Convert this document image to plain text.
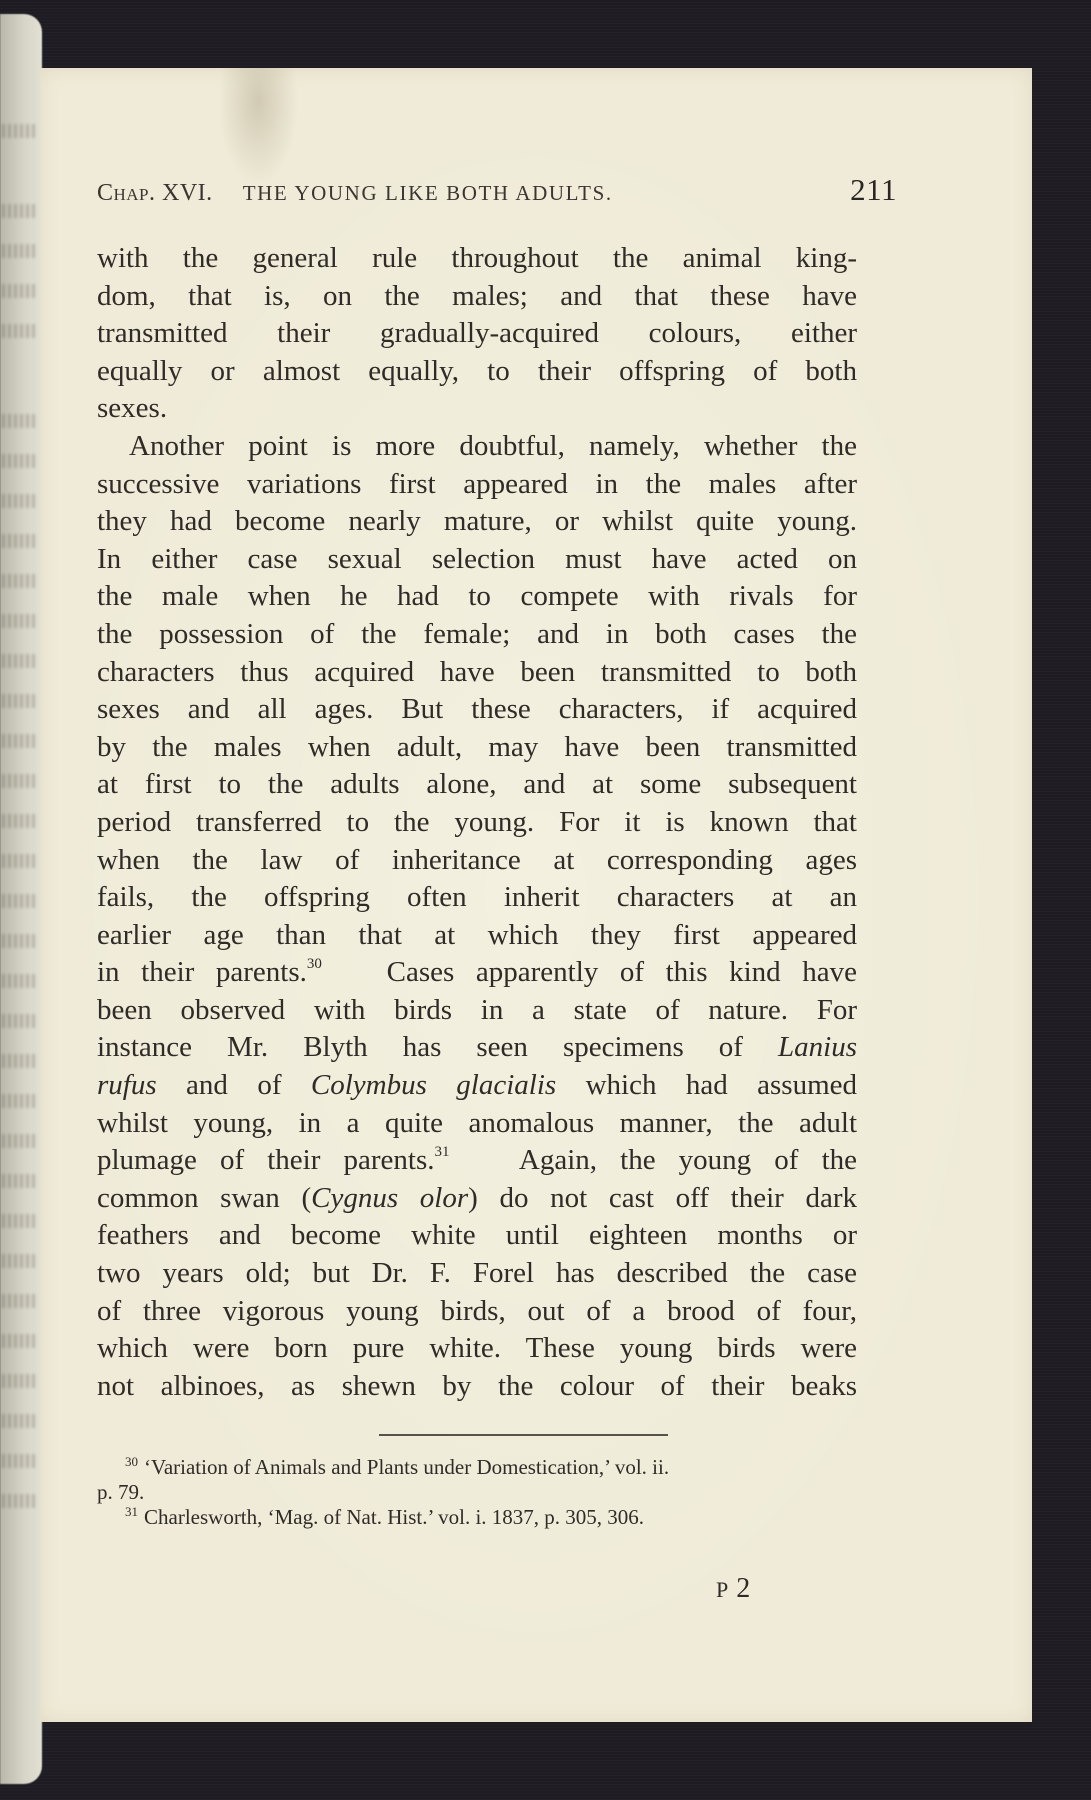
Chap. XVI. THE YOUNG LIKE BOTH ADULTS.	211
with the general rule throughout the animal king-
dom, that is, on the males; and that these have
transmitted their gradually-acquired colours, either
equally or almost equally, to their offspring of both
sexes.
Another point is more doubtful, namely, whether the
successive variations first appeared in the males after
they had become nearly mature, or whilst quite young.
In either case sexual selection must have acted on
the male when he had to compete with rivals for
the possession of the female; and in both cases the
characters thus acquired have been transmitted to both
sexes and all ages. But these characters, if acquired
by the males when adult, may have been transmitted
at first to the adults alone, and at some subsequent
period transferred to the young. For it is known that
when the law of inheritance at corresponding ages
fails, the offspring often inherit characters at an
earlier age than that at which they first appeared
in their parents.$^{30}$ Cases apparently of this kind have
been observed with birds in a state of nature. For
instance Mr. Blyth has seen specimens of Lanius
rufus and of Colymbus glacialis which had assumed
whilst young, in a quite anomalous manner, the adult
plumage of their parents.$^{31}$ Again, the young of the
common swan (Cygnus olor) do not cast off their dark
feathers and become white until eighteen months or
two years old; but Dr. F. Forel has described the case
of three vigorous young birds, out of a brood of four,
which were born pure white. These young birds were
not albinoes, as shewn by the colour of their beaks
$^{30}$ ‘Variation of Animals and Plants under Domestication,’ vol. ii.
p. 79.
$^{31}$ Charlesworth, ‘Mag. of Nat. Hist.’ vol. i. 1837, p. 305, 306.
P2
